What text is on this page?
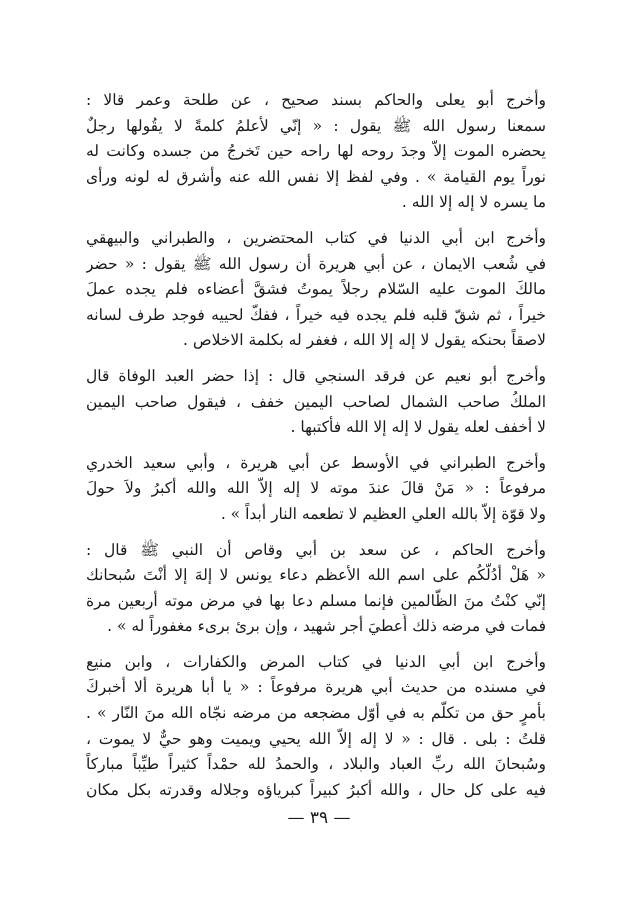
وأخرج أبو يعلى والحاكم بسند صحيح ، عن طلحة وعمر قالا :
سمعنا رسول الله ﷺ يقول : « إنّي لأعلمُ كلمةً لا يقُولها رجلٌ
يحضره الموت إلاّ وجدَ روحه لها راحه حين تَخرجُ من جسده وكانت له
نوراً يوم القيامة » . وفي لفظ إلا نفس الله عنه وأشرق له لونه ورأى
ما يسره لا إله إلا الله .

وأخرج ابن أبي الدنيا في كتاب المحتضرين ، والطبراني والبيهقي
في شُعب الايمان ، عن أبي هريرة أن رسول الله ﷺ يقول : « حضر
مالكَ الموت عليه السّلام رجلاً يموتُ فشقَّ أعضاءه فلم يجده عملَ
خيراً ، ثم شقّ قلبه فلم يجده فيه خيراً ، ففكّ لحييه فوجد طرف لسانه
لاصقاً بحنكه يقول لا إله إلا الله ، فغفر له بكلمة الاخلاص .

وأخرج أبو نعيم عن فرقد السنجي قال : إذا حضر العبد الوفاة قال
الملكُ صاحب الشمال لصاحب اليمين خفف ، فيقول صاحب اليمين
لا أخفف لعله يقول لا إله إلا الله فأكتبها .

وأخرج الطبراني في الأوسط عن أبي هريرة ، وأبي سعيد الخدري
مرفوعاً : « مَنْ قالَ عندَ موته لا إله إلاّ الله والله أكبرُ ولاَ حولَ
ولا قوّة إلاّ بالله العلي العظيم لا تطعمه النار أبداً » .

وأخرج الحاكم ، عن سعد بن أبي وقاص أن النبي ﷺ قال :
« هَلْ أدُلّكُم على اسم الله الأعظم دعاء يونس لا إلهَ إلا أنْتَ سُبحانك
إنّي كنْتُ منَ الظّالمين فإنما مسلم دعا بها في مرض موته أربعين مرة
فمات في مرضه ذلك أُعطيَ أجر شهيد ، وإن برئ برىء مغفوراً له » .

وأخرج ابن أبي الدنيا في كتاب المرض والكفارات ، وابن منيع
في مسنده من حديث أبي هريرة مرفوعاً : « يا أبا هريرة ألا أخبركَ
بأمرٍ حق من تكلّم به في أوّل مضجعه من مرضه نجّاه الله منَ النّار » .
قلتُ : بلى . قال : « لا إله إلاّ الله يحيي ويميت وهو حيٌّ لا يموت ،
وسُبحانَ الله ربِّ العباد والبلاد ، والحمدُ لله حمْداً كثيراً طيِّباً مباركاً
فيه على كل حال ، والله أكبرُ كبيراً كبرياؤه وجلاله وقدرته بكل مكان

— ٣٩ —
